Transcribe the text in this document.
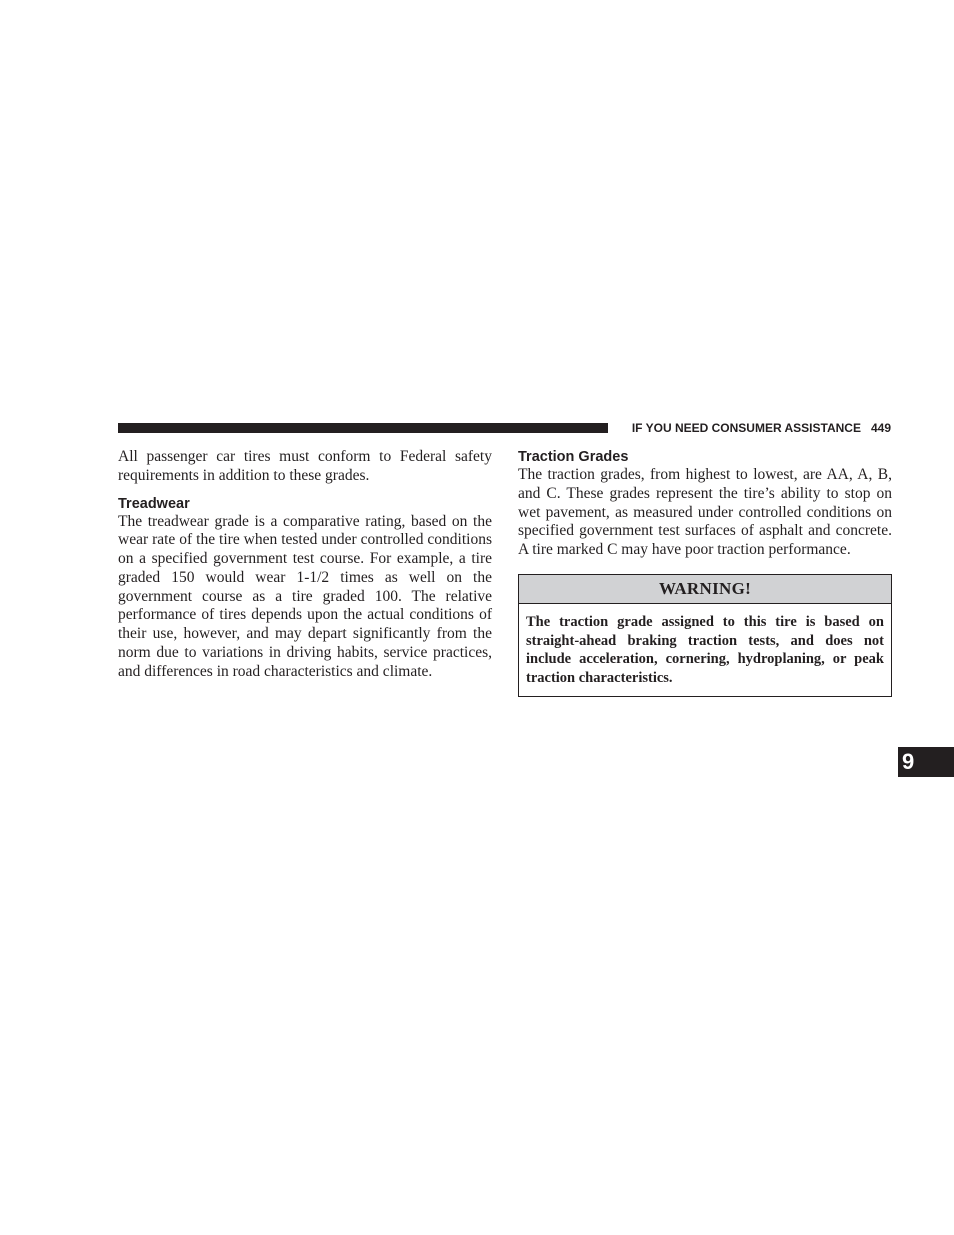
IF YOU NEED CONSUMER ASSISTANCE 449

All passenger car tires must conform to Federal safety requirements in addition to these grades.

Treadwear

The treadwear grade is a comparative rating, based on the wear rate of the tire when tested under controlled conditions on a specified government test course. For example, a tire graded 150 would wear 1-1/2 times as well on the government course as a tire graded 100. The relative performance of tires depends upon the actual conditions of their use, however, and may depart significantly from the norm due to variations in driving habits, service practices, and differences in road characteristics and climate.

Traction Grades

The traction grades, from highest to lowest, are AA, A, B, and C. These grades represent the tire’s ability to stop on wet pavement, as measured under controlled conditions on specified government test surfaces of asphalt and concrete. A tire marked C may have poor traction performance.

WARNING!
The traction grade assigned to this tire is based on straight-ahead braking traction tests, and does not include acceleration, cornering, hydroplaning, or peak traction characteristics.
9
